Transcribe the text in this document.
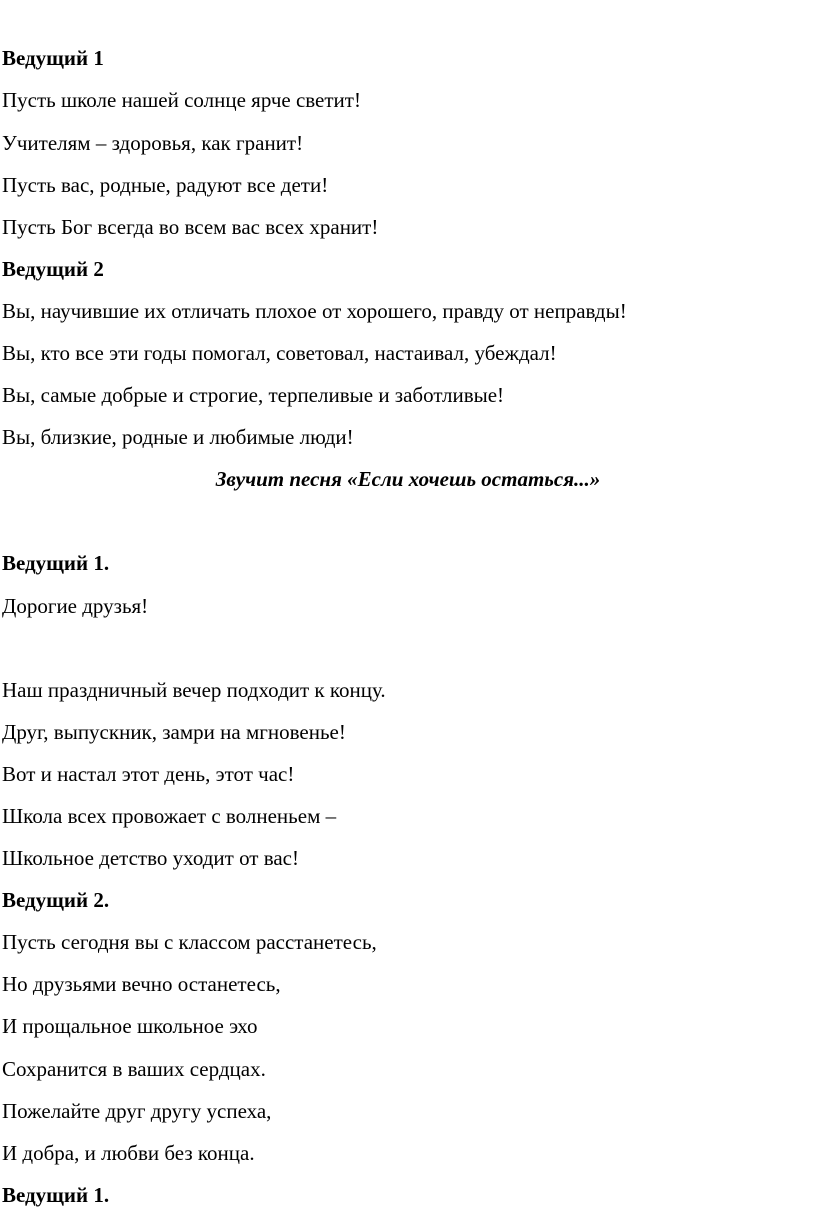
Ведущий 1
Пусть школе нашей солнце ярче светит!
Учителям – здоровья, как гранит!
Пусть вас, родные, радуют все дети!
Пусть Бог всегда во всем вас всех хранит!
Ведущий 2
Вы, научившие их отличать плохое от хорошего, правду от неправды!
Вы, кто все эти годы помогал, советовал, настаивал, убеждал!
Вы, самые добрые и строгие, терпеливые и заботливые!
Вы, близкие, родные и любимые люди!
Звучит песня «Если хочешь остаться...»
Ведущий 1.
Дорогие друзья!
Наш праздничный вечер подходит к концу.
Друг, выпускник, замри на мгновенье!
Вот и настал этот день, этот час!
Школа всех провожает с волненьем –
Школьное детство уходит от вас!
Ведущий 2.
Пусть сегодня вы с классом расстанетесь,
Но друзьями вечно останетесь,
И прощальное школьное эхо
Сохранится в ваших сердцах.
Пожелайте друг другу успеха,
И добра, и любви без конца.
Ведущий 1.
